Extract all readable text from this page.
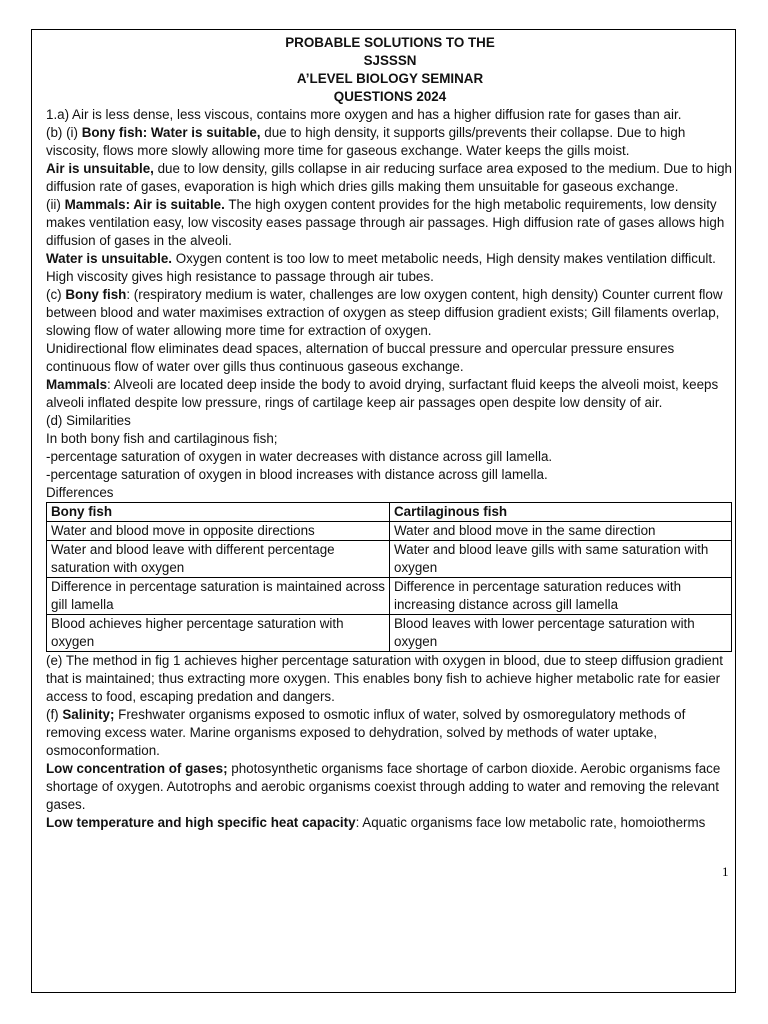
PROBABLE SOLUTIONS TO THE
SJSSSN
A’LEVEL BIOLOGY SEMINAR
QUESTIONS 2024

1.a) Air is less dense, less viscous, contains more oxygen and has a higher diffusion rate for gases than air.

(b) (i) Bony fish: Water is suitable, due to high density, it supports gills/prevents their collapse. Due to high viscosity, flows more slowly allowing more time for gaseous exchange. Water keeps the gills moist.

Air is unsuitable, due to low density, gills collapse in air reducing surface area exposed to the medium. Due to high diffusion rate of gases, evaporation is high which dries gills making them unsuitable for gaseous exchange.

(ii) Mammals: Air is suitable. The high oxygen content provides for the high metabolic requirements, low density makes ventilation easy, low viscosity eases passage through air passages. High diffusion rate of gases allows high diffusion of gases in the alveoli.

Water is unsuitable. Oxygen content is too low to meet metabolic needs, High density makes ventilation difficult. High viscosity gives high resistance to passage through air tubes.

(c) Bony fish: (respiratory medium is water, challenges are low oxygen content, high density) Counter current flow between blood and water maximises extraction of oxygen as steep diffusion gradient exists; Gill filaments overlap, slowing flow of water allowing more time for extraction of oxygen.

Unidirectional flow eliminates dead spaces, alternation of buccal pressure and opercular pressure ensures continuous flow of water over gills thus continuous gaseous exchange.

Mammals: Alveoli are located deep inside the body to avoid drying, surfactant fluid keeps the alveoli moist, keeps alveoli inflated despite low pressure, rings of cartilage keep air passages open despite low density of air.

(d) Similarities

In both bony fish and cartilaginous fish;

-percentage saturation of oxygen in water decreases with distance across gill lamella.

-percentage saturation of oxygen in blood increases with distance across gill lamella.

Differences

Bony fish	Cartilaginous fish
Water and blood move in opposite directions	Water and blood move in the same direction
Water and blood leave with different percentage saturation with oxygen	Water and blood leave gills with same saturation with oxygen
Difference in percentage saturation is maintained across gill lamella	Difference in percentage saturation reduces with increasing distance across gill lamella
Blood achieves higher percentage saturation with oxygen	Blood leaves with lower percentage saturation with oxygen

(e) The method in fig 1 achieves higher percentage saturation with oxygen in blood, due to steep diffusion gradient that is maintained; thus extracting more oxygen. This enables bony fish to achieve higher metabolic rate for easier access to food, escaping predation and dangers.

(f) Salinity; Freshwater organisms exposed to osmotic influx of water, solved by osmoregulatory methods of removing excess water. Marine organisms exposed to dehydration, solved by methods of water uptake, osmoconformation.

Low concentration of gases; photosynthetic organisms face shortage of carbon dioxide. Aerobic organisms face shortage of oxygen. Autotrophs and aerobic organisms coexist through adding to water and removing the relevant gases.

Low temperature and high specific heat capacity: Aquatic organisms face low metabolic rate, homoiotherms

1
